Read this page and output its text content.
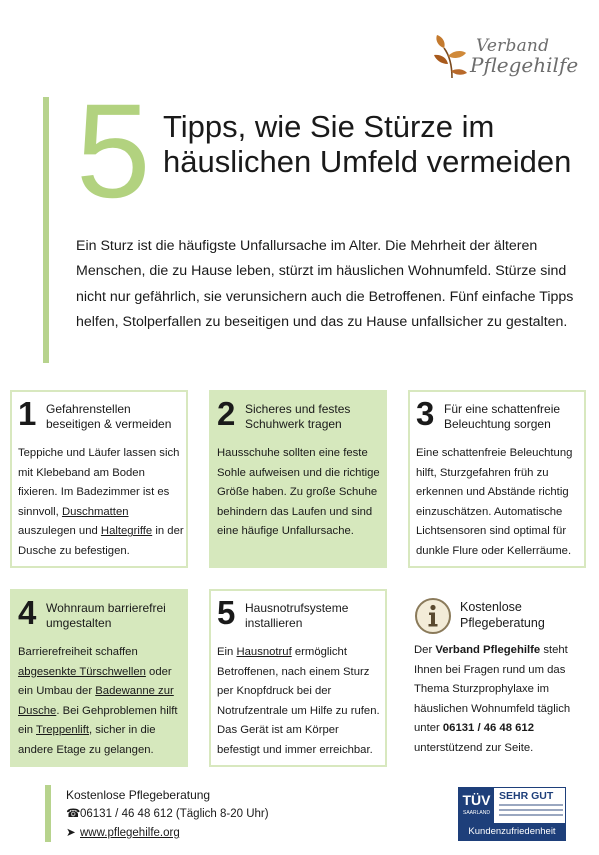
Verband
Pflegehilfe
5 Tipps, wie Sie Stürze im häuslichen Umfeld vermeiden

Ein Sturz ist die häufigste Unfallursache im Alter. Die Mehrheit der älteren Menschen, die zu Hause leben, stürzt im häuslichen Wohnumfeld. Stürze sind nicht nur gefährlich, sie verunsichern auch die Betroffenen. Fünf einfache Tipps helfen, Stolperfallen zu beseitigen und das zu Hause unfallsicher zu gestalten.

1 Gefahrenstellen beseitigen & vermeiden
Teppiche und Läufer lassen sich mit Klebeband am Boden fixieren. Im Badezimmer ist es sinnvoll, Duschmatten auszulegen und Haltegriffe in der Dusche zu befestigen.
2 Sicheres und festes Schuhwerk tragen
Hausschuhe sollten eine feste Sohle aufweisen und die richtige Größe haben. Zu große Schuhe behindern das Laufen und sind eine häufige Unfallursache.
3 Für eine schattenfreie Beleuchtung sorgen
Eine schattenfreie Beleuchtung hilft, Sturzgefahren früh zu erkennen und Abstände richtig einzuschätzen. Automatische Lichtsensoren sind optimal für dunkle Flure oder Kellerräume.
4 Wohnraum barrierefrei umgestalten
Barrierefreiheit schaffen abgesenkte Türschwellen oder ein Umbau der Badewanne zur Dusche. Bei Gehproblemen hilft ein Treppenlift, sicher in die andere Etage zu gelangen.
5 Hausnotrufsysteme installieren
Ein Hausnotruf ermöglicht Betroffenen, nach einem Sturz per Knopfdruck bei der Notrufzentrale um Hilfe zu rufen. Das Gerät ist am Körper befestigt und immer erreichbar.
Kostenlose Pflegeberatung
Der Verband Pflegehilfe steht Ihnen bei Fragen rund um das Thema Sturzprophylaxe im häuslichen Wohnumfeld täglich unter 06131 / 46 48 612 unterstützend zur Seite.
Kostenlose Pflegeberatung
☎06131 / 46 48 612 (Täglich 8-20 Uhr)
➤ www.pflegehilfe.org
TÜV
SAARLAND
SEHR GUT
Kundenzufriedenheit
